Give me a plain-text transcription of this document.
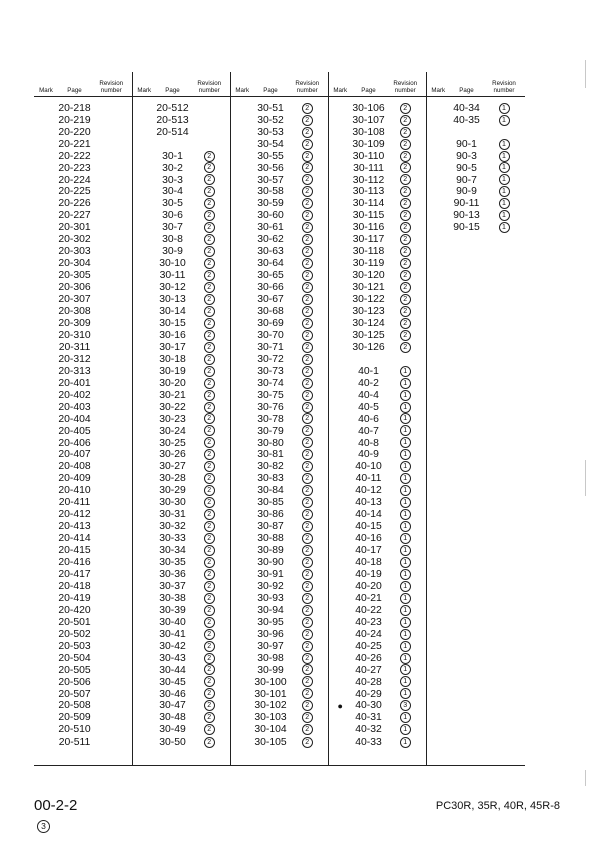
Mark	Page	Revision number	Mark	Page	Revision number	Mark	Page	Revision number	Mark	Page	Revision number	Mark	Page	Revision number
	20-218			20-512			30-51	2		30-106	2		40-34	1
	20-219			20-513			30-52	2		30-107	2		40-35	1
	20-220			20-514			30-53	2		30-108	2			
	20-221						30-54	2		30-109	2		90-1	1
	20-222			30-1	2		30-55	2		30-110	2		90-3	1
	20-223			30-2	2		30-56	2		30-111	2		90-5	1
	20-224			30-3	2		30-57	2		30-112	2		90-7	1
	20-225			30-4	2		30-58	2		30-113	2		90-9	1
	20-226			30-5	2		30-59	2		30-114	2		90-11	1
	20-227			30-6	2		30-60	2		30-115	2		90-13	1
	20-301			30-7	2		30-61	2		30-116	2		90-15	1
	20-302			30-8	2		30-62	2		30-117	2			
	20-303			30-9	2		30-63	2		30-118	2			
	20-304			30-10	2		30-64	2		30-119	2			
	20-305			30-11	2		30-65	2		30-120	2			
	20-306			30-12	2		30-66	2		30-121	2			
	20-307			30-13	2		30-67	2		30-122	2			
	20-308			30-14	2		30-68	2		30-123	2			
	20-309			30-15	2		30-69	2		30-124	2			
	20-310			30-16	2		30-70	2		30-125	2			
	20-311			30-17	2		30-71	2		30-126	2			
	20-312			30-18	2		30-72	2						
	20-313			30-19	2		30-73	2		40-1	1			
	20-401			30-20	2		30-74	2		40-2	1			
	20-402			30-21	2		30-75	2		40-4	1			
	20-403			30-22	2		30-76	2		40-5	1			
	20-404			30-23	2		30-78	2		40-6	1			
	20-405			30-24	2		30-79	2		40-7	1			
	20-406			30-25	2		30-80	2		40-8	1			
	20-407			30-26	2		30-81	2		40-9	1			
	20-408			30-27	2		30-82	2		40-10	1			
	20-409			30-28	2		30-83	2		40-11	1			
	20-410			30-29	2		30-84	2		40-12	1			
	20-411			30-30	2		30-85	2		40-13	1			
	20-412			30-31	2		30-86	2		40-14	1			
	20-413			30-32	2		30-87	2		40-15	1			
	20-414			30-33	2		30-88	2		40-16	1			
	20-415			30-34	2		30-89	2		40-17	1			
	20-416			30-35	2		30-90	2		40-18	1			
	20-417			30-36	2		30-91	2		40-19	1			
	20-418			30-37	2		30-92	2		40-20	1			
	20-419			30-38	2		30-93	2		40-21	1			
	20-420			30-39	2		30-94	2		40-22	1			
	20-501			30-40	2		30-95	2		40-23	1			
	20-502			30-41	2		30-96	2		40-24	1			
	20-503			30-42	2		30-97	2		40-25	1			
	20-504			30-43	2		30-98	2		40-26	1			
	20-505			30-44	2		30-99	2		40-27	1			
	20-506			30-45	2		30-100	2		40-28	1			
	20-507			30-46	2		30-101	2		40-29	1			
	20-508			30-47	2		30-102	2	●	40-30	3			
	20-509			30-48	2		30-103	2		40-31	1			
	20-510			30-49	2		30-104	2		40-32	1			
	20-511			30-50	2		30-105	2		40-33	1			
00-2-2
3
PC30R, 35R, 40R, 45R-8
